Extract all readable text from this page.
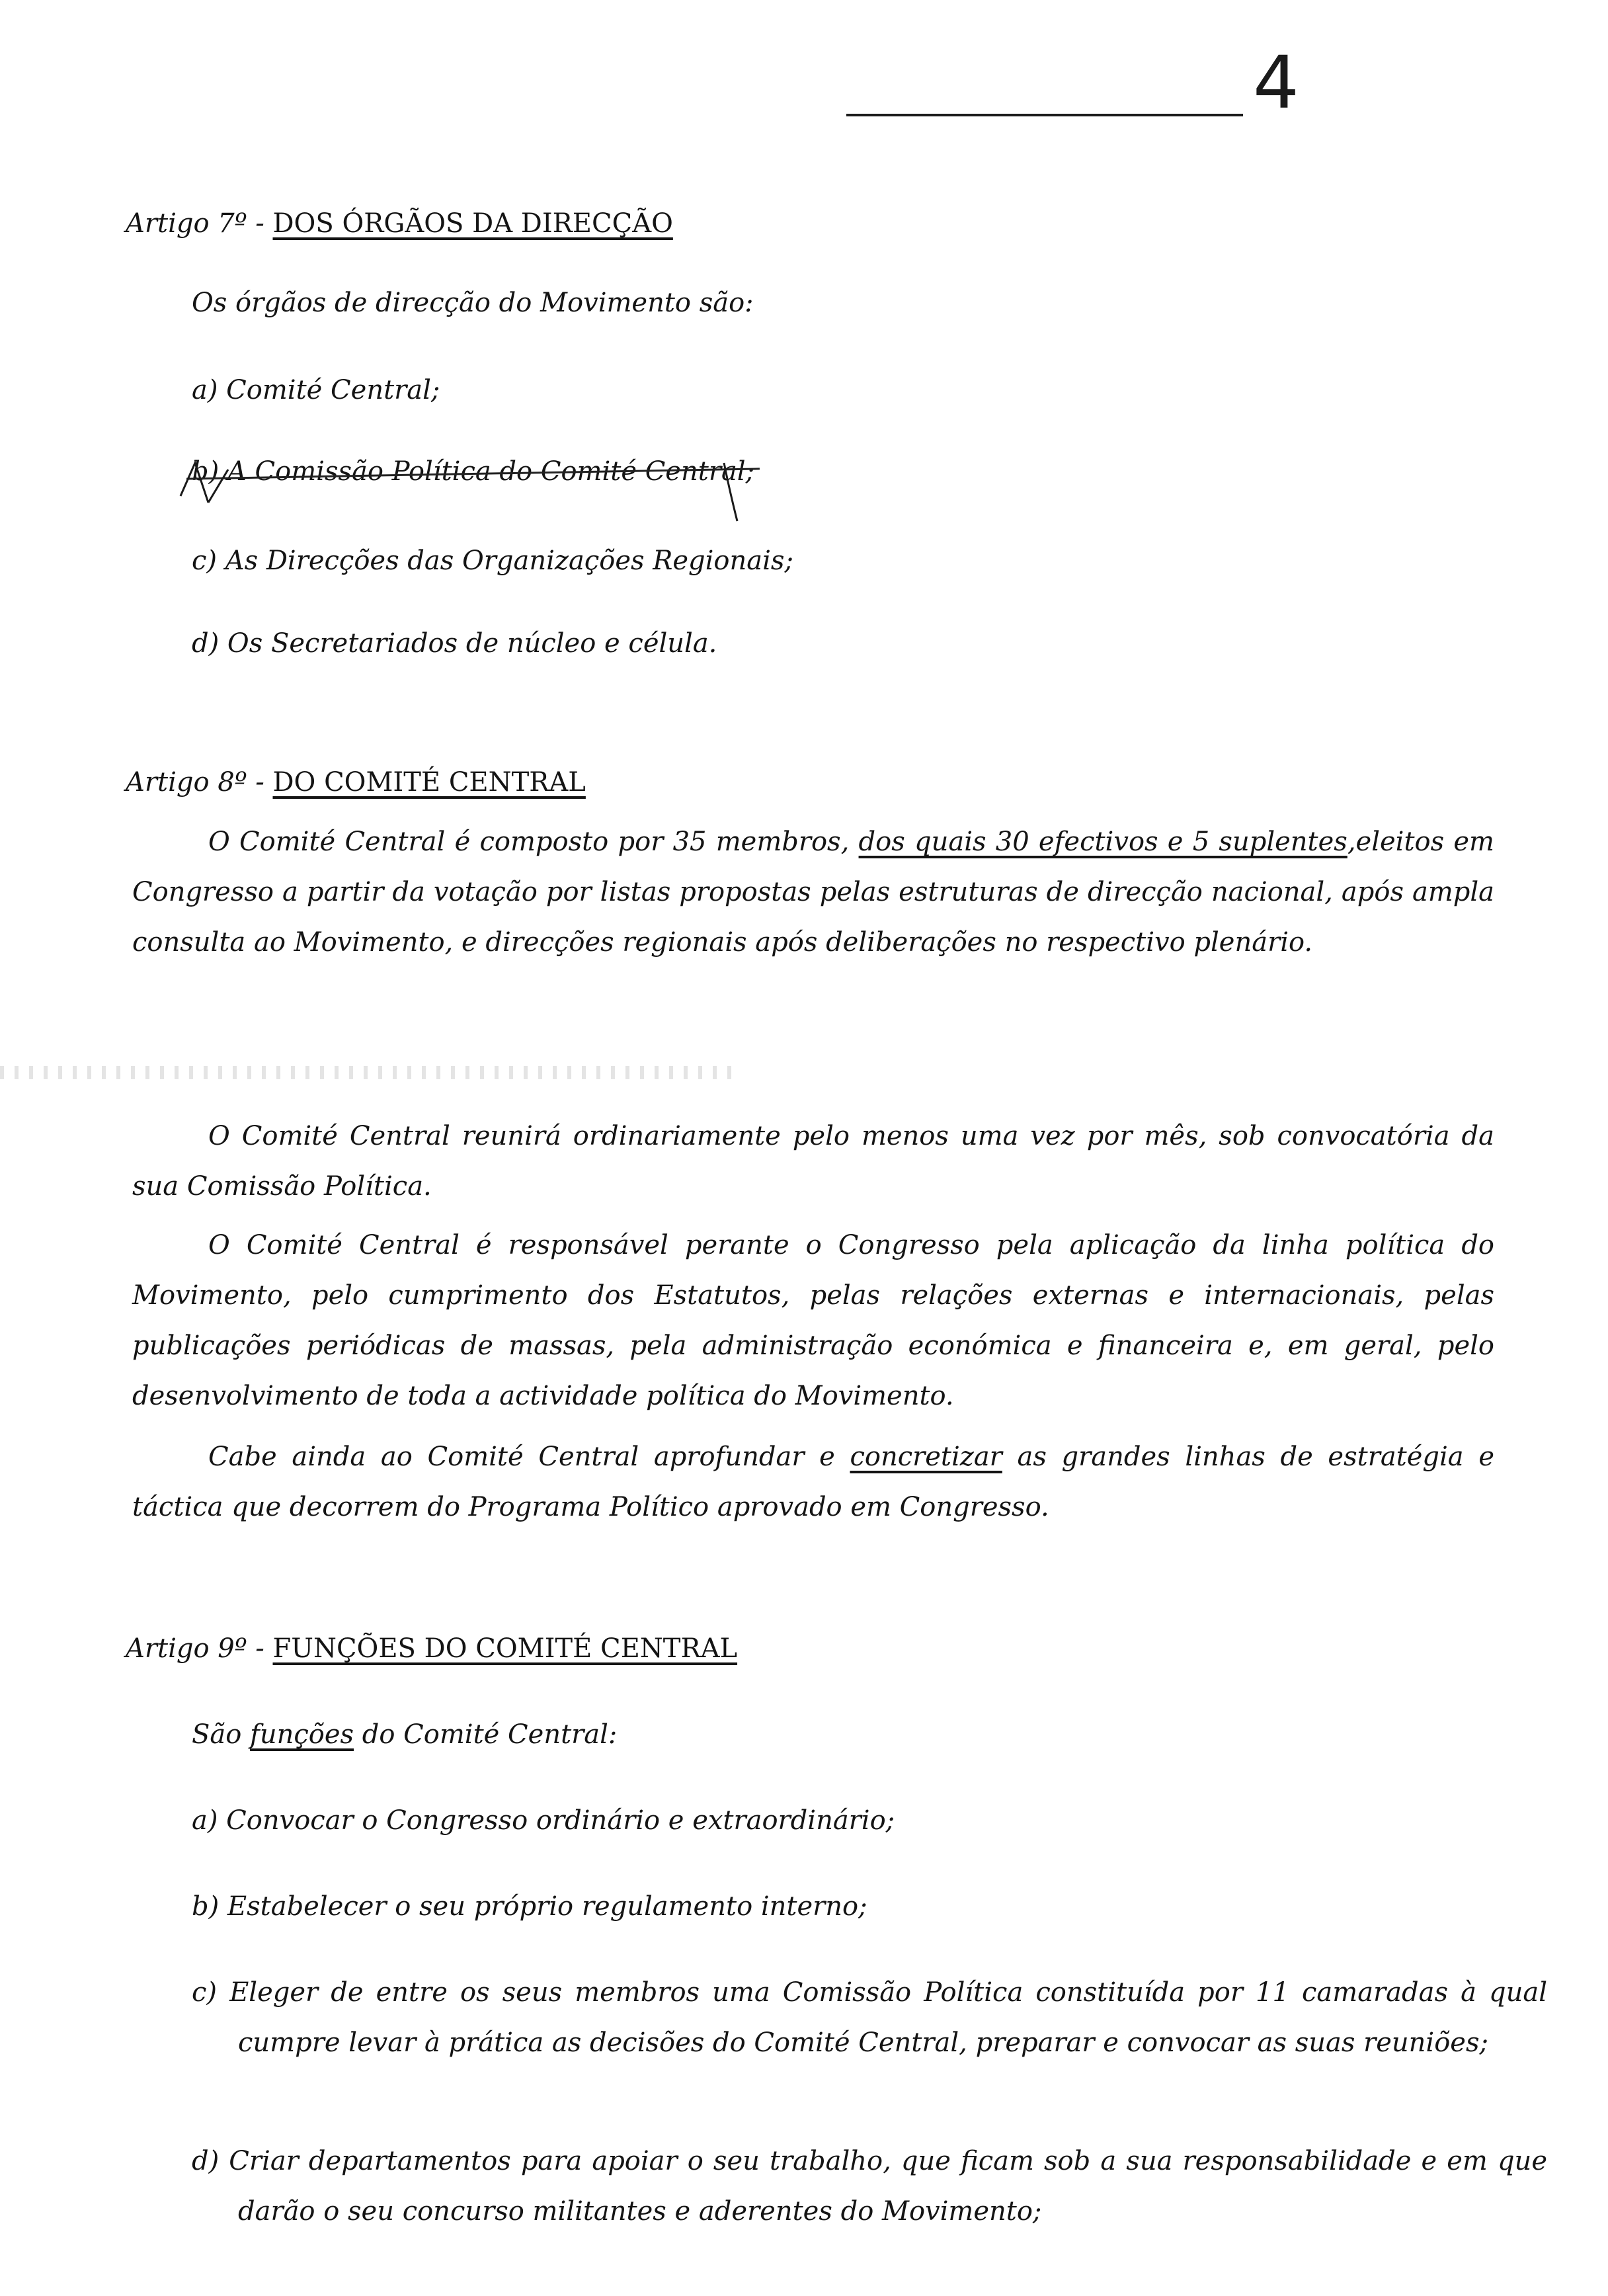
4

Artigo 7º - DOS ÓRGÃOS DA DIRECÇÃO

Os órgãos de direcção do Movimento são:

a) Comité Central;

b) A Comissão Política do Comité Central;

c) As Direcções das Organizações Regionais;

d) Os Secretariados de núcleo e célula.

Artigo 8º - DO COMITÉ CENTRAL

O Comité Central é composto por 35 membros, dos quais 30 efectivos e 5 suplentes,eleitos em Congresso a partir da votação por listas propostas pelas estruturas de direcção nacional, após ampla consulta ao Movimento, e direcções regionais após deliberações no respectivo plenário.

O Comité Central reunirá ordinariamente pelo menos uma vez por mês, sob convocatória da sua Comissão Política.

O Comité Central é responsável perante o Congresso pela aplicação da linha política do Movimento, pelo cumprimento dos Estatutos, pelas relações externas e internacionais, pelas publicações periódicas de massas, pela administração económica e financeira e, em geral, pelo desenvolvimento de toda a actividade política do Movimento.

Cabe ainda ao Comité Central aprofundar e concretizar as grandes linhas de estratégia e táctica que decorrem do Programa Político aprovado em Congresso.

Artigo 9º - FUNÇÕES DO COMITÉ CENTRAL

São funções do Comité Central:

a) Convocar o Congresso ordinário e extraordinário;

b) Estabelecer o seu próprio regulamento interno;

c) Eleger de entre os seus membros uma Comissão Política constituída por 11 camaradas à qual cumpre levar à prática as decisões do Comité Central, preparar e convocar as suas reuniões;

d) Criar departamentos para apoiar o seu trabalho, que ficam sob a sua responsabilidade e em que darão o seu concurso militantes e aderentes do Movimento;
